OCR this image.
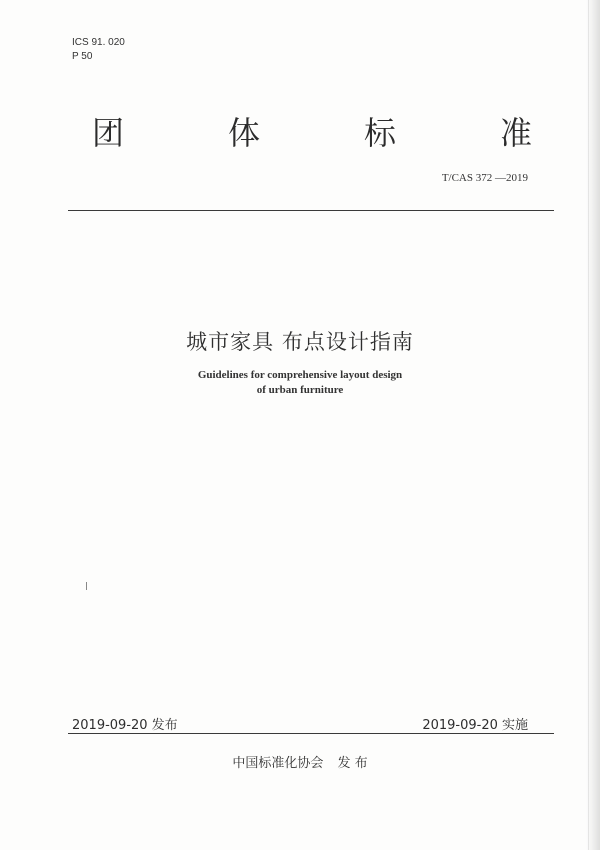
ICS 91. 020
P 50
团	体	标	准
T/CAS 372 —2019
城市家具 布点设计指南
Guidelines for comprehensive layout design
of urban furniture
2019-09-20 发布	2019-09-20 实施
中国标准化协会 发 布
